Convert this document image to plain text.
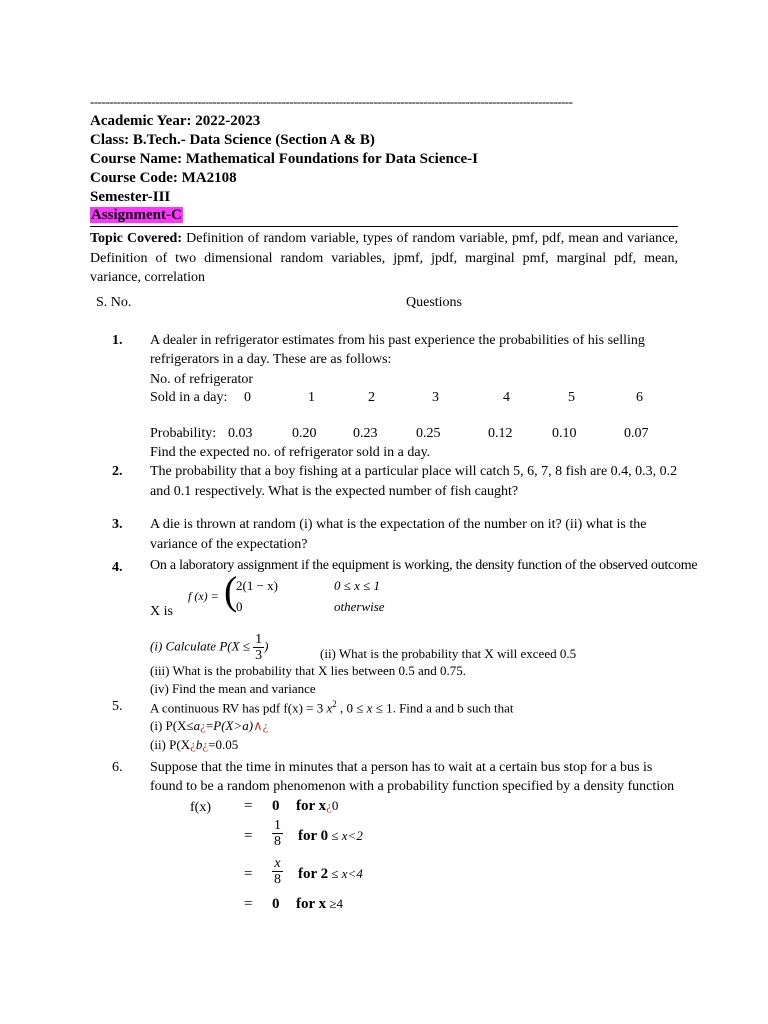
------------------------------------------------------------------------------------------------------------------------------
Academic Year: 2022-2023
Class: B.Tech.- Data Science (Section A & B)
Course Name: Mathematical Foundations for Data Science-I
Course Code: MA2108
Semester-III
Assignment-C
Topic Covered: Definition of random variable, types of random variable, pmf, pdf, mean and variance, Definition of two dimensional random variables, jpmf, jpdf, marginal pmf, marginal pdf, mean, variance, correlation
S. No.	Questions
1. A dealer in refrigerator estimates from his past experience the probabilities of his selling
refrigerators in a day. These are as follows:
No. of refrigerator
Sold in a day: 0	1	2	3	4	5	6
Probability: 0.03	0.20	0.23	0.25	0.12	0.10	0.07
Find the expected no. of refrigerator sold in a day.
2. The probability that a boy fishing at a particular place will catch 5, 6, 7, 8 fish are 0.4, 0.3, 0.2
and 0.1 respectively. What is the expected number of fish caught?
3. A die is thrown at random (i) what is the expectation of the number on it? (ii) what is the
variance of the expectation?
4. On a laboratory assignment if the equipment is working, the density function of the observed outcome
f (x) = (
2(1 − x)	0 ≤ x ≤ 1
0	otherwise
X is
(i) Calculate $P(X \le \frac{1}{3}$ )
(ii) What is the probability that X will exceed 0.5
(iii) What is the probability that X lies between 0.5 and 0.75.
(iv) Find the mean and variance
5. A continuous RV has pdf f(x) = 3 $x^2$ , 0 ≤ x ≤ 1. Find a and b such that
(i) P(X≤a¿=P(X>a)∧¿
(ii) P(X¿b¿=0.05
6. Suppose that the time in minutes that a person has to wait at a certain bus stop for a bus is
found to be a random phenomenon with a probability function specified by a density function
f(x) = 0 for x¿0
= $\frac{1}{8}$ for 0 ≤ x<2
= $\frac{x}{8}$ for 2 ≤ x<4
= 0 for x ≥4
